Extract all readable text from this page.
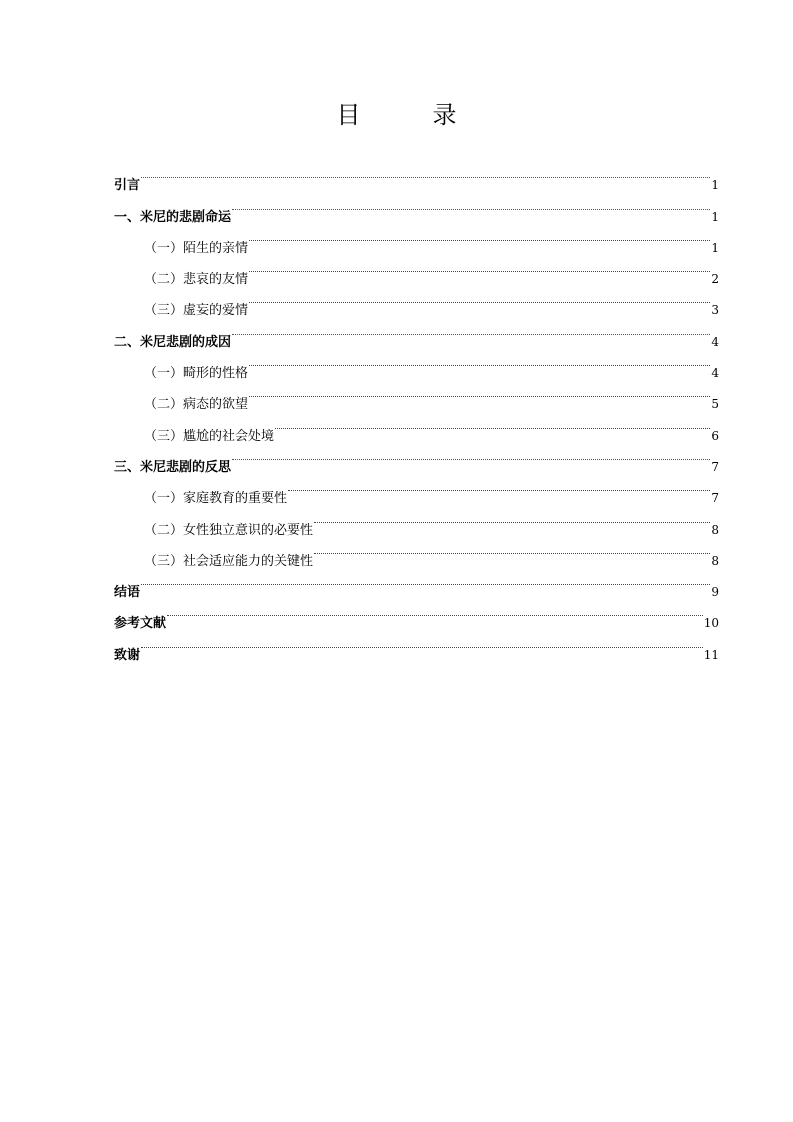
目　录
引言	1
一、米尼的悲剧命运	1
（一）陌生的亲情	1
（二）悲哀的友情	2
（三）虚妄的爱情	3
二、米尼悲剧的成因	4
（一）畸形的性格	4
（二）病态的欲望	5
（三）尴尬的社会处境	6
三、米尼悲剧的反思	7
（一）家庭教育的重要性	7
（二）女性独立意识的必要性	8
（三）社会适应能力的关键性	8
结语	9
参考文献	10
致谢	11
